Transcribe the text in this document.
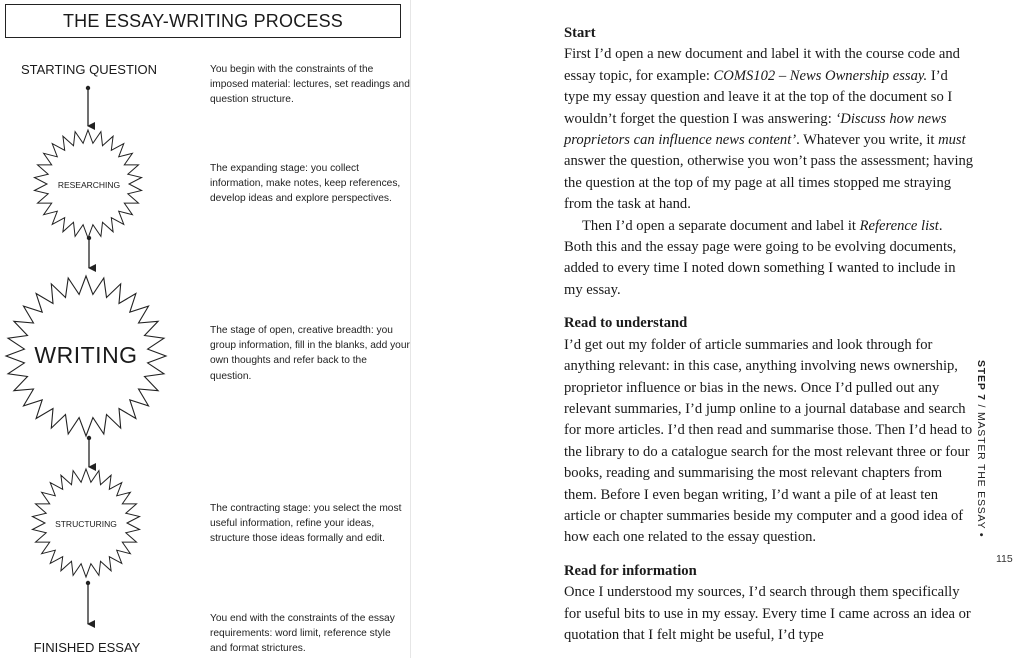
THE ESSAY-WRITING PROCESS
STARTING QUESTION
RESEARCHING
WRITING
STRUCTURING
FINISHED ESSAY
You begin with the constraints of the imposed material: lectures, set readings and question structure.
The expanding stage: you collect information, make notes, keep references, develop ideas and explore perspectives.
The stage of open, creative breadth: you group information, fill in the blanks, add your own thoughts and refer back to the question.
The contracting stage: you select the most useful information, refine your ideas, structure those ideas formally and edit.
You end with the constraints of the essay requirements: word limit, reference style and format strictures.
Start

First I’d open a new document and label it with the course code and essay topic, for example: COMS102 – News Ownership essay. I’d type my essay question and leave it at the top of the document so I wouldn’t forget the question I was answering: ‘Discuss how news proprietors can influence news content’. Whatever you write, it must answer the question, otherwise you won’t pass the assessment; having the question at the top of my page at all times stopped me straying from the task at hand.

Then I’d open a separate document and label it Reference list. Both this and the essay page were going to be evolving documents, added to every time I noted down something I wanted to include in my essay.

Read to understand

I’d get out my folder of article summaries and look through for anything relevant: in this case, anything involving news ownership, proprietor influence or bias in the news. Once I’d pulled out any relevant summaries, I’d jump online to a journal database and search for more articles. I’d then read and summarise those. Then I’d head to the library to do a catalogue search for the most relevant three or four books, reading and summarising the most relevant chapters from them. Before I even began writing, I’d want a pile of at least ten article or chapter summaries beside my computer and a good idea of how each one related to the essay question.

Read for information

Once I understood my sources, I’d search through them specifically for useful bits to use in my essay. Every time I came across an idea or quotation that I felt might be useful, I’d type

STEP 7 / MASTER THE ESSAY •
115
